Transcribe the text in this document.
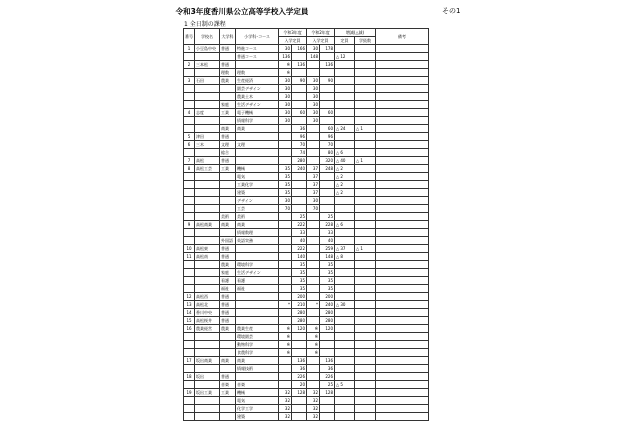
令和3年度香川県公立高等学校入学定員	その1
1 全日制の課程
番号	学校名	大学科	小学科･コース	令和3年度		令和2年度		増減(△減)		備考
				入学定員		入学定員		定員	学級数	
1	小豆島中央	普通	特進コース	30	166	30	178			
			普通コース	136		148		△ 12		
2	三本松	普通		※	136		136			
		理数	理数	※						
3	石田	農業	生産経済	30	90	30	90			
			園芸デザイン	30		30				
			農業土木	30		30				
		家庭	生活デザイン	30		30				
4	志度	工業	電子機械	30	60	30	60			
			情報科学	30		30				
		商業	商業		36		60	△ 24	△ 1	
5	津田	普通			96		96			
6	三木	文理	文理		70		70			
		総合			74		80	△ 6		
7	高松	普通			280		320	△ 40	△ 1	
8	高松工芸	工業	機械	35	240	37	248	△ 2		
			電気	35		37		△ 2		
			工業化学	35		37		△ 2		
			建築	35		37		△ 2		
			デザイン	30		30				
			工芸	70		70				
		美術	美術		25		25			
9	高松商業	商業	商業		222		228	△ 6		
			情報数理		33		33			
		外国語	英語実務		40		40			
10	高松東	普通			222		259	△ 37	△ 1	
11	高松南	普通			140		148	△ 8		
		農業	環境科学		35		35			
		家庭	生活デザイン		35		35			
		看護	看護		35		35			
		福祉	福祉		35		35			
12	高松西	普通			200		200			
13	高松北	普通		*	210	*	240	△ 30		
14	香川中央	普通			280		280			
15	高松桜井	普通			280		280			
16	農業経営	農業	農業生産	※	120	※	120			
			環境園芸	※		※				
			動物科学	※		※				
			食農科学	※		※				
17	坂出商業	商業	商業		136		136			
			情報技術		36		36			
18	坂出	普通			226		226			
		音楽	音楽		20		25	△ 5		
19	坂出工業	工業	機械	32	128	32	128			
			電気	32		32				
			化学工学	32		32				
			建築	32		32				
